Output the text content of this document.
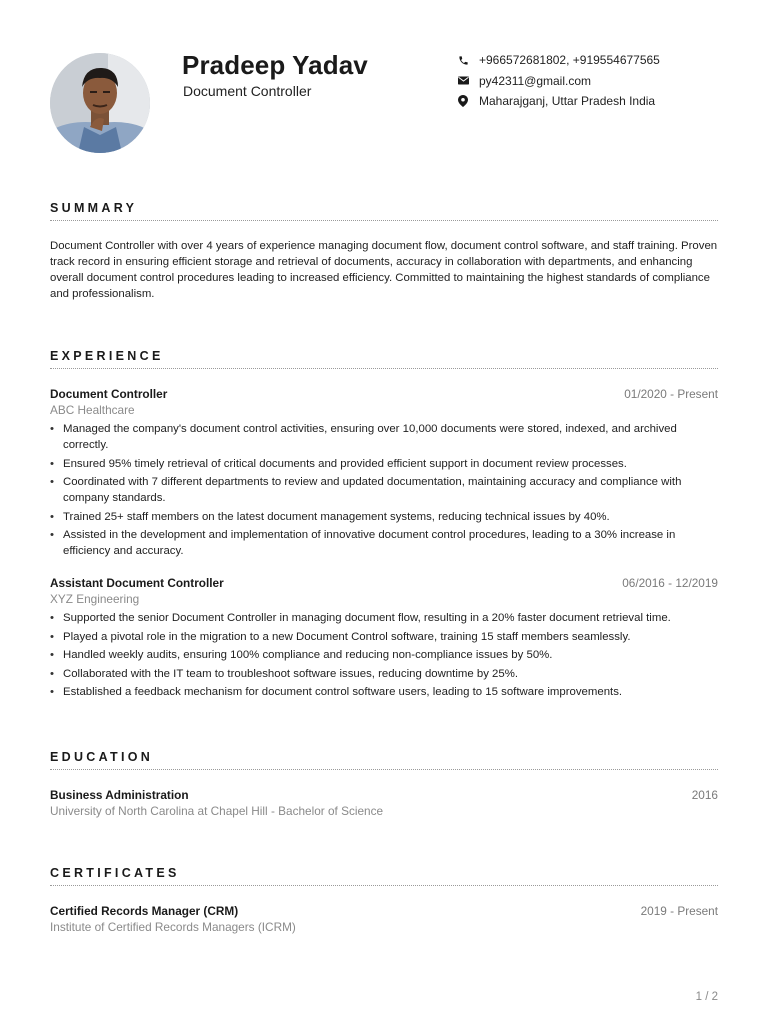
Pradeep Yadav
Document Controller
+966572681802, +919554677565
py42311@gmail.com
Maharajganj, Uttar Pradesh India
SUMMARY
Document Controller with over 4 years of experience managing document flow, document control software, and staff training. Proven track record in ensuring efficient storage and retrieval of documents, accuracy in collaboration with departments, and enhancing overall document control procedures leading to increased efficiency. Committed to maintaining the highest standards of compliance and professionalism.
EXPERIENCE
Document Controller	01/2020 - Present
ABC Healthcare
• Managed the company's document control activities, ensuring over 10,000 documents were stored, indexed, and archived correctly.
• Ensured 95% timely retrieval of critical documents and provided efficient support in document review processes.
• Coordinated with 7 different departments to review and updated documentation, maintaining accuracy and compliance with company standards.
• Trained 25+ staff members on the latest document management systems, reducing technical issues by 40%.
• Assisted in the development and implementation of innovative document control procedures, leading to a 30% increase in efficiency and accuracy.
Assistant Document Controller	06/2016 - 12/2019
XYZ Engineering
• Supported the senior Document Controller in managing document flow, resulting in a 20% faster document retrieval time.
• Played a pivotal role in the migration to a new Document Control software, training 15 staff members seamlessly.
• Handled weekly audits, ensuring 100% compliance and reducing non-compliance issues by 50%.
• Collaborated with the IT team to troubleshoot software issues, reducing downtime by 25%.
• Established a feedback mechanism for document control software users, leading to 15 software improvements.
EDUCATION
Business Administration	2016
University of North Carolina at Chapel Hill - Bachelor of Science
CERTIFICATES
Certified Records Manager (CRM)	2019 - Present
Institute of Certified Records Managers (ICRM)
1 / 2
